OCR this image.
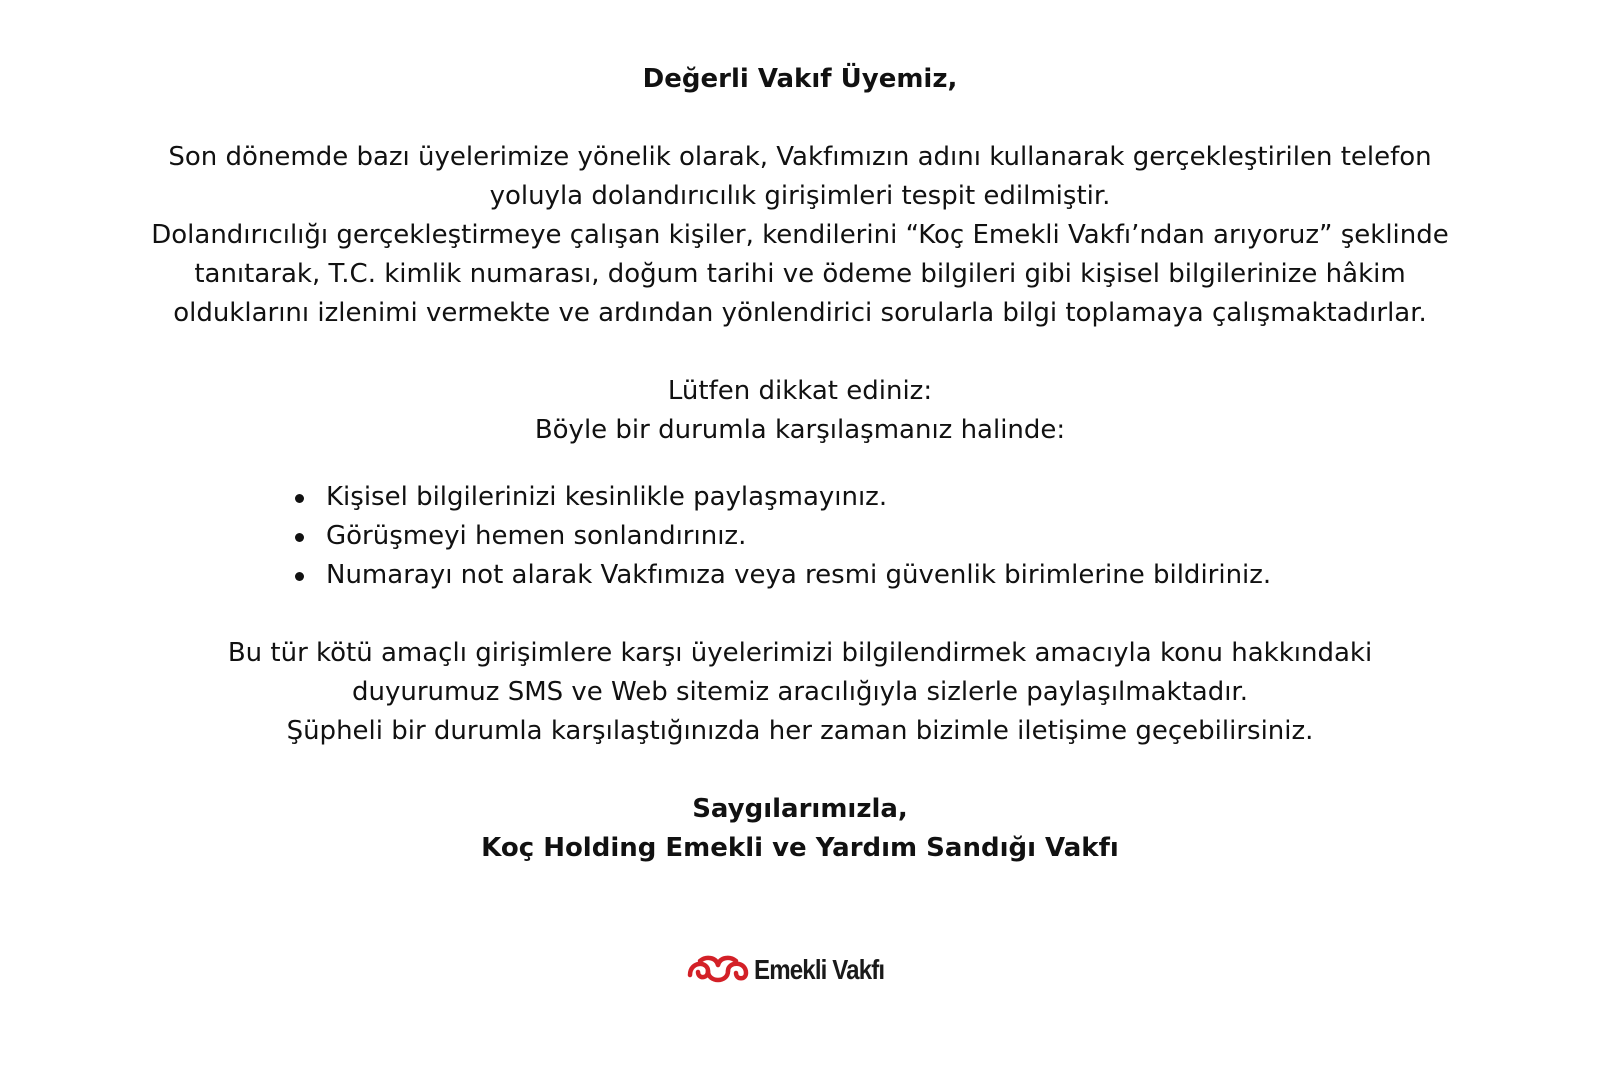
Değerli Vakıf Üyemiz,

Son dönemde bazı üyelerimize yönelik olarak, Vakfımızın adını kullanarak gerçekleştirilen telefon

yoluyla dolandırıcılık girişimleri tespit edilmiştir.

Dolandırıcılığı gerçekleştirmeye çalışan kişiler, kendilerini “Koç Emekli Vakfı’ndan arıyoruz” şeklinde

tanıtarak, T.C. kimlik numarası, doğum tarihi ve ödeme bilgileri gibi kişisel bilgilerinize hâkim

olduklarını izlenimi vermekte ve ardından yönlendirici sorularla bilgi toplamaya çalışmaktadırlar.

Lütfen dikkat ediniz:

Böyle bir durumla karşılaşmanız halinde:

Kişisel bilgilerinizi kesinlikle paylaşmayınız.
Görüşmeyi hemen sonlandırınız.
Numarayı not alarak Vakfımıza veya resmi güvenlik birimlerine bildiriniz.

Bu tür kötü amaçlı girişimlere karşı üyelerimizi bilgilendirmek amacıyla konu hakkındaki

duyurumuz SMS ve Web sitemiz aracılığıyla sizlerle paylaşılmaktadır.

Şüpheli bir durumla karşılaştığınızda her zaman bizimle iletişime geçebilirsiniz.

Saygılarımızla,

Koç Holding Emekli ve Yardım Sandığı Vakfı

Emekli Vakfı
